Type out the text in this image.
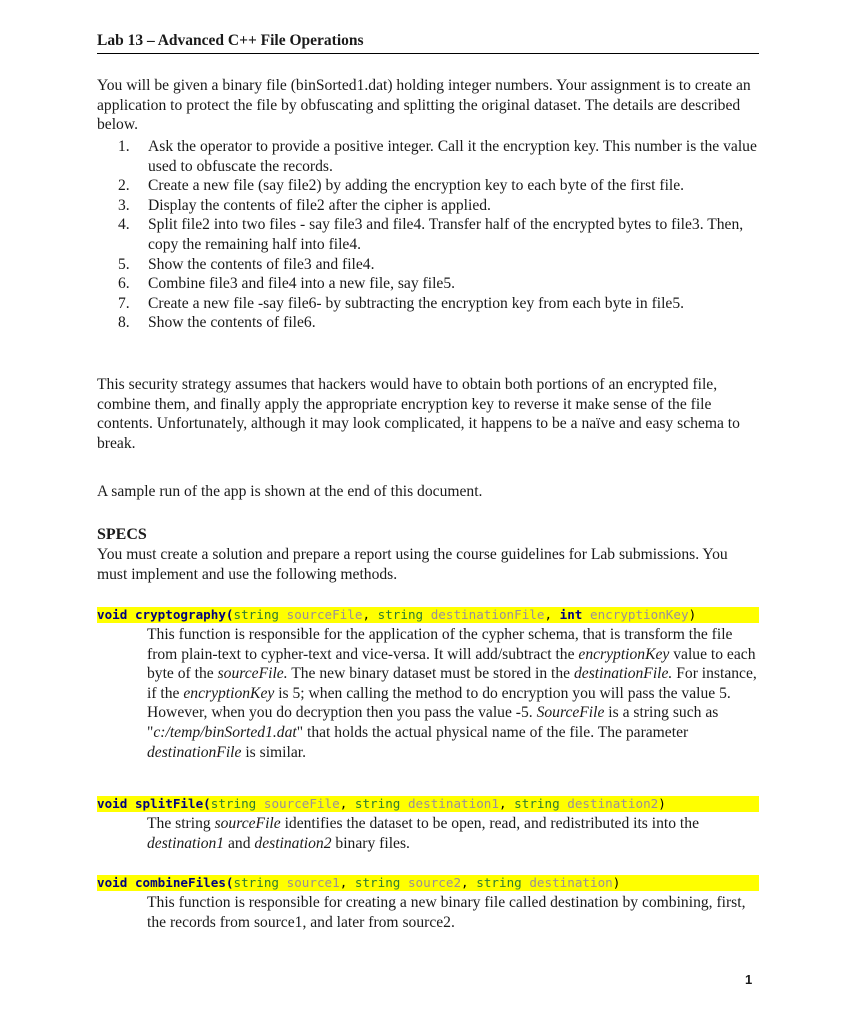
Lab 13 – Advanced C++ File Operations
You will be given a binary file (binSorted1.dat) holding integer numbers. Your assignment is to create an application to protect the file by obfuscating and splitting the original dataset. The details are described below.
1. Ask the operator to provide a positive integer. Call it the encryption key. This number is the value used to obfuscate the records.
2. Create a new file (say file2) by adding the encryption key to each byte of the first file.
3. Display the contents of file2 after the cipher is applied.
4. Split file2 into two files - say file3 and file4. Transfer half of the encrypted bytes to file3. Then, copy the remaining half into file4.
5. Show the contents of file3 and file4.
6. Combine file3 and file4 into a new file, say file5.
7. Create a new file -say file6- by subtracting the encryption key from each byte in file5.
8. Show the contents of file6.
This security strategy assumes that hackers would have to obtain both portions of an encrypted file, combine them, and finally apply the appropriate encryption key to reverse it make sense of the file contents. Unfortunately, although it may look complicated, it happens to be a naïve and easy schema to break.
A sample run of the app is shown at the end of this document.
SPECS
You must create a solution and prepare a report using the course guidelines for Lab submissions. You must implement and use the following methods.
void cryptography(string sourceFile, string destinationFile, int encryptionKey)
This function is responsible for the application of the cypher schema, that is transform the file from plain-text to cypher-text and vice-versa. It will add/subtract the encryptionKey value to each byte of the sourceFile. The new binary dataset must be stored in the destinationFile. For instance, if the encryptionKey is 5; when calling the method to do encryption you will pass the value 5. However, when you do decryption then you pass the value -5. SourceFile is a string such as "c:/temp/binSorted1.dat" that holds the actual physical name of the file. The parameter destinationFile is similar.
void splitFile(string sourceFile, string destination1, string destination2)
The string sourceFile identifies the dataset to be open, read, and redistributed its into the destination1 and destination2 binary files.
void combineFiles(string source1, string source2, string destination)
This function is responsible for creating a new binary file called destination by combining, first, the records from source1, and later from source2.
1
